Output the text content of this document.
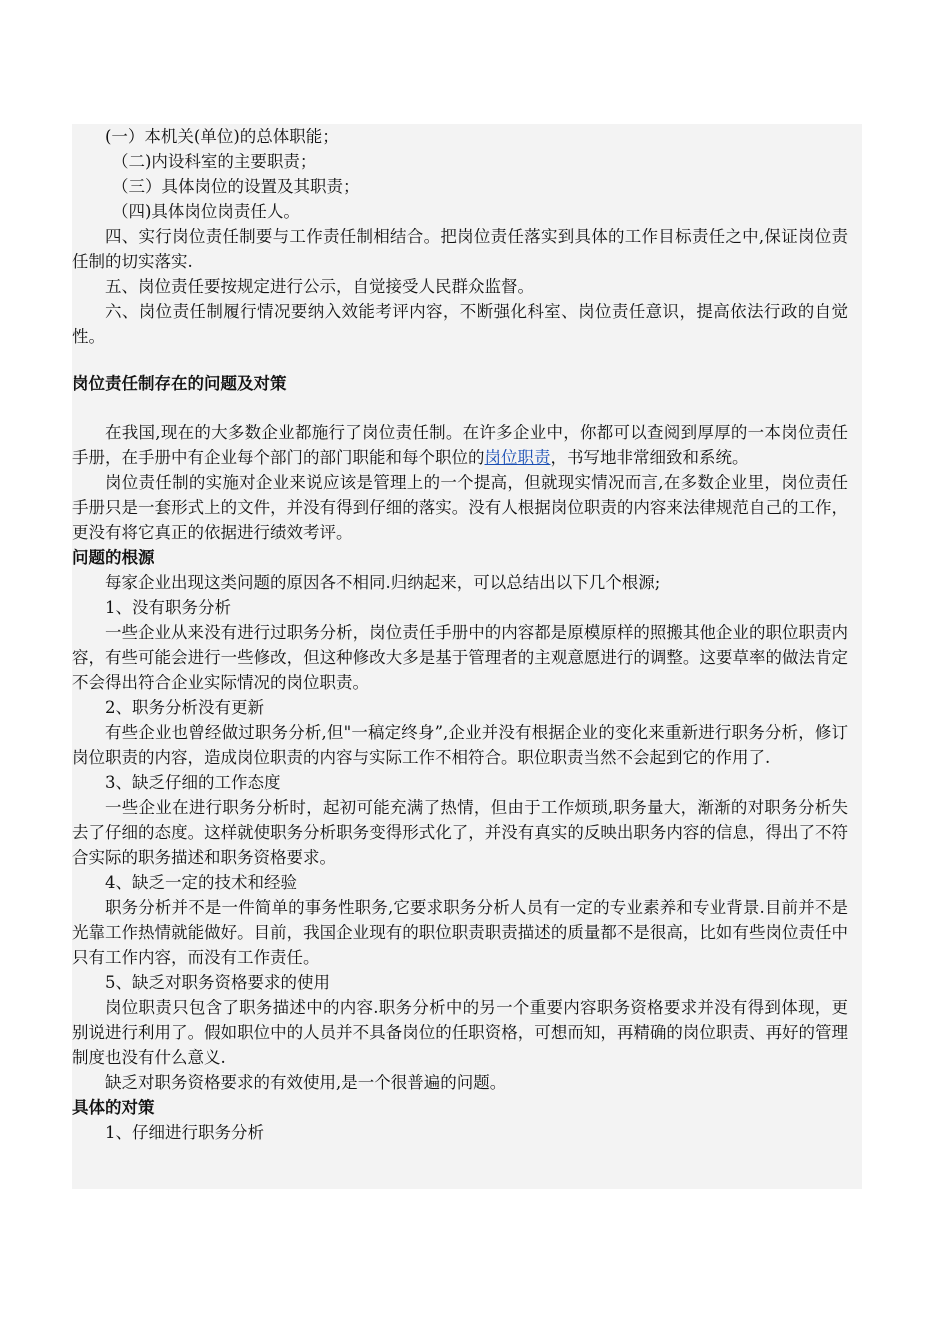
(一）本机关(单位)的总体职能；

（二)内设科室的主要职责；

（三）具体岗位的设置及其职责；

（四)具体岗位岗责任人。

四、实行岗位责任制要与工作责任制相结合。把岗位责任落实到具体的工作目标责任之中,保证岗位责任制的切实落实.

五、岗位责任要按规定进行公示，自觉接受人民群众监督。

六、岗位责任制履行情况要纳入效能考评内容，不断强化科室、岗位责任意识，提高依法行政的自觉性。

岗位责任制存在的问题及对策

在我国,现在的大多数企业都施行了岗位责任制。在许多企业中，你都可以查阅到厚厚的一本岗位责任手册，在手册中有企业每个部门的部门职能和每个职位的岗位职责，书写地非常细致和系统。

岗位责任制的实施对企业来说应该是管理上的一个提高，但就现实情况而言,在多数企业里，岗位责任手册只是一套形式上的文件，并没有得到仔细的落实。没有人根据岗位职责的内容来法律规范自己的工作，更没有将它真正的依据进行绩效考评。

问题的根源

每家企业出现这类问题的原因各不相同.归纳起来，可以总结出以下几个根源;

1、没有职务分析

一些企业从来没有进行过职务分析，岗位责任手册中的内容都是原模原样的照搬其他企业的职位职责内容，有些可能会进行一些修改，但这种修改大多是基于管理者的主观意愿进行的调整。这要草率的做法肯定不会得出符合企业实际情况的岗位职责。

2、职务分析没有更新

有些企业也曾经做过职务分析,但"一稿定终身”,企业并没有根据企业的变化来重新进行职务分析，修订岗位职责的内容，造成岗位职责的内容与实际工作不相符合。职位职责当然不会起到它的作用了.

3、缺乏仔细的工作态度

一些企业在进行职务分析时，起初可能充满了热情，但由于工作烦琐,职务量大，渐渐的对职务分析失去了仔细的态度。这样就使职务分析职务变得形式化了，并没有真实的反映出职务内容的信息，得出了不符合实际的职务描述和职务资格要求。

4、缺乏一定的技术和经验

职务分析并不是一件简单的事务性职务,它要求职务分析人员有一定的专业素养和专业背景.目前并不是光靠工作热情就能做好。目前，我国企业现有的职位职责职责描述的质量都不是很高，比如有些岗位责任中只有工作内容，而没有工作责任。

5、缺乏对职务资格要求的使用

岗位职责只包含了职务描述中的内容.职务分析中的另一个重要内容职务资格要求并没有得到体现，更别说进行利用了。假如职位中的人员并不具备岗位的任职资格，可想而知，再精确的岗位职责、再好的管理制度也没有什么意义.

缺乏对职务资格要求的有效使用,是一个很普遍的问题。

具体的对策

1、仔细进行职务分析
